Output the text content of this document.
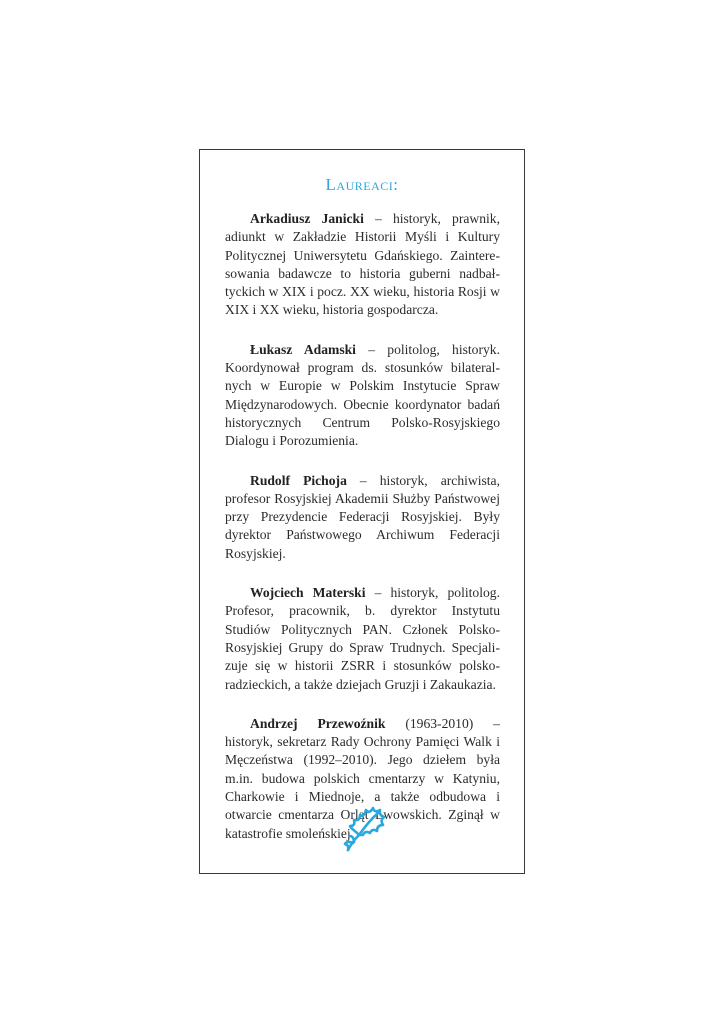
Laureaci:

Arkadiusz Janicki – historyk, prawnik, adiunkt w Zakładzie Historii Myśli i Kultury Politycznej Uniwersytetu Gdańskiego. Zainteresowania badawcze to historia guberni nadbałtyckich w XIX i pocz. XX wieku, historia Rosji w XIX i XX wieku, historia gospodarcza.

Łukasz Adamski – politolog, historyk. Koordynował program ds. stosunków bilateralnych w Europie w Polskim Instytucie Spraw Międzynarodowych. Obecnie koordynator badań historycznych Centrum Polsko-Rosyjskiego Dialogu i Porozumienia.

Rudolf Pichoja – historyk, archiwista, profesor Rosyjskiej Akademii Służby Państwowej przy Prezydencie Federacji Rosyjskiej. Były dyrektor Państwowego Archiwum Federacji Rosyjskiej.

Wojciech Materski – historyk, politolog. Profesor, pracownik, b. dyrektor Instytutu Studiów Politycznych PAN. Członek Polsko-Rosyjskiej Grupy do Spraw Trudnych. Specjalizuje się w historii ZSRR i stosunków polskoradzieckich, a także dziejach Gruzji i Zakaukazia.

Andrzej Przewoźnik (1963-2010) – historyk, sekretarz Rady Ochrony Pamięci Walk i Męczeństwa (1992–2010). Jego dziełem była m.in. budowa polskich cmentarzy w Katyniu, Charkowie i Miednoje, a także odbudowa i otwarcie cmentarza Orląt Lwowskich. Zginął w katastrofie smoleńskiej.
